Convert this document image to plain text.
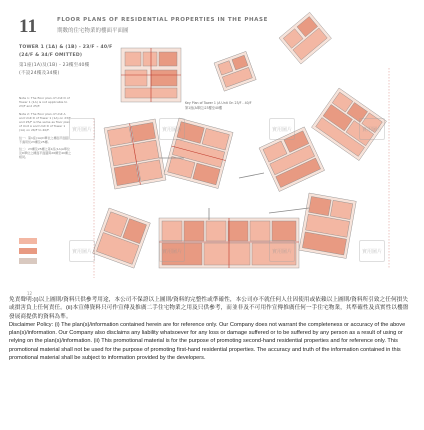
11	FLOOR PLANS OF RESIDENTIAL PROPERTIES IN THE PHASE
期數的住宅物業的樓面平面圖
TOWER 1 (1A) & (1B) - 23/F - 40/F
(24/F & 34/F OMITTED)
第1座(1A)及(1B) - 23樓至40樓
(不設24樓及34樓)

Note 1: The floor plan of Unit D of Tower 1 (1A) is not applicable to 23/F and 25/F.

Note 2: The floor plan of Unit A and Unit D of Tower 1 (1A) on 23/F and 25/F is the same as floor plan of Unit A and Unit D of Tower 1 (1A) on 26/F to 40/F.

註一：第1座(1A)D單位之樓面平面圖不適用於23樓及25樓。

註二：23樓及25樓之第1座(1A)A單位及D單位之樓面平面圖與26樓至40樓之相同。

Key Plan of Tower 1 (A Unit On 23/F - 40/F
第1座(A單位)23樓至40樓
實用圖片	實用圖片
實用圖片	實用圖片
實用圖片
實用圖片	實用圖片
實用圖片
12
免責聲明:(i)以上圖則/資料只供參考用途，本公司不保證以上圖則/資料的完整性或準確性，本公司亦不就任何人仕因使用或依賴以上圖則/資料所引致之任何損失或損害負上任何責任。(ii)本宣傳資料只可作宣傳及推廣二手住宅物業之用及只供參考，而並非及不可用作宣傳推廣任何一手住宅物業，其準確性及真實性以樓盤發展商提供的資料為準。
Disclaimer Policy: (i) The plan(s)/information contained herein are for reference only. Our Company does not warrant the completeness or accuracy of the above plan(s)/information. Our Company also disclaims any liability whatsoever for any loss or damage suffered or to be suffered by any person as a result of using or relying on the plan(s)/information. (ii) This promotional material is for the purpose of promoting second-hand residential properties and for reference only. This promotional material shall not be used for the purpose of promoting first-hand residential properties. The accuracy and truth of the information contained in this promotional material shall be subject to information provided by the developers.
